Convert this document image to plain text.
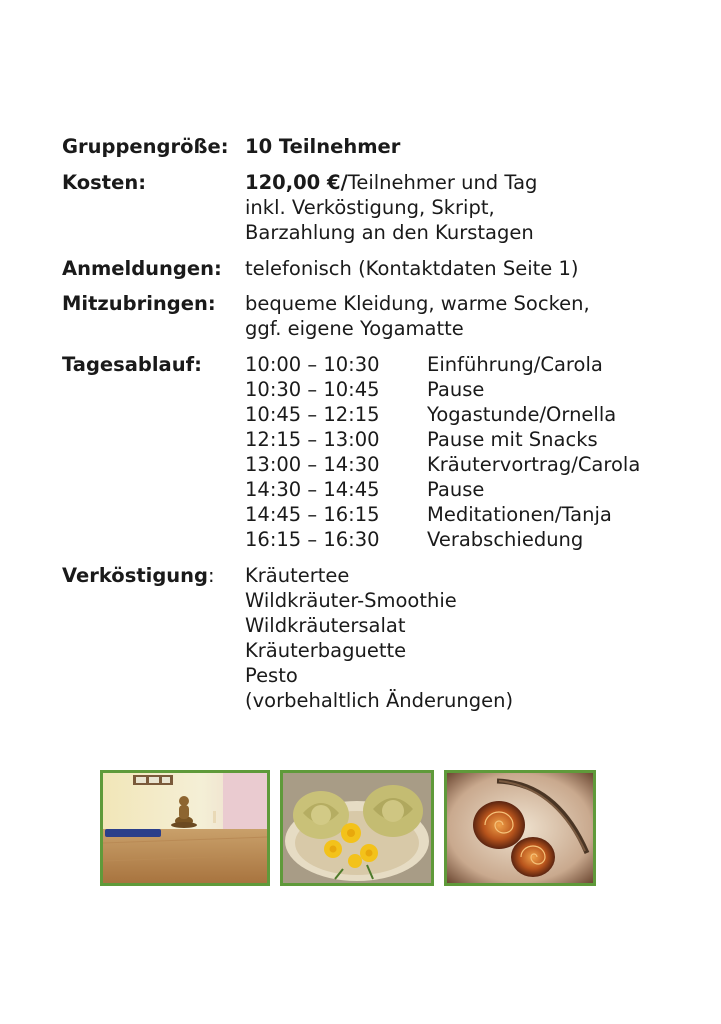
Gruppengröße: 10 Teilnehmer
Kosten:	120,00 €/Teilnehmer und Tag
inkl. Verköstigung, Skript,
Barzahlung an den Kurstagen
Anmeldungen: telefonisch (Kontaktdaten Seite 1)
Mitzubringen: bequeme Kleidung, warme Socken,
ggf. eigene Yogamatte
Tagesablauf: 10:00 – 10:30 Einführung/Carola
10:30 – 10:45 Pause
10:45 – 12:15 Yogastunde/Ornella
12:15 – 13:00 Pause mit Snacks
13:00 – 14:30 Kräutervortrag/Carola
14:30 – 14:45 Pause
14:45 – 16:15 Meditationen/Tanja
16:15 – 16:30 Verabschiedung
Verköstigung: Kräutertee
Wildkräuter-Smoothie
Wildkräutersalat
Kräuterbaguette
Pesto
(vorbehaltlich Änderungen)
